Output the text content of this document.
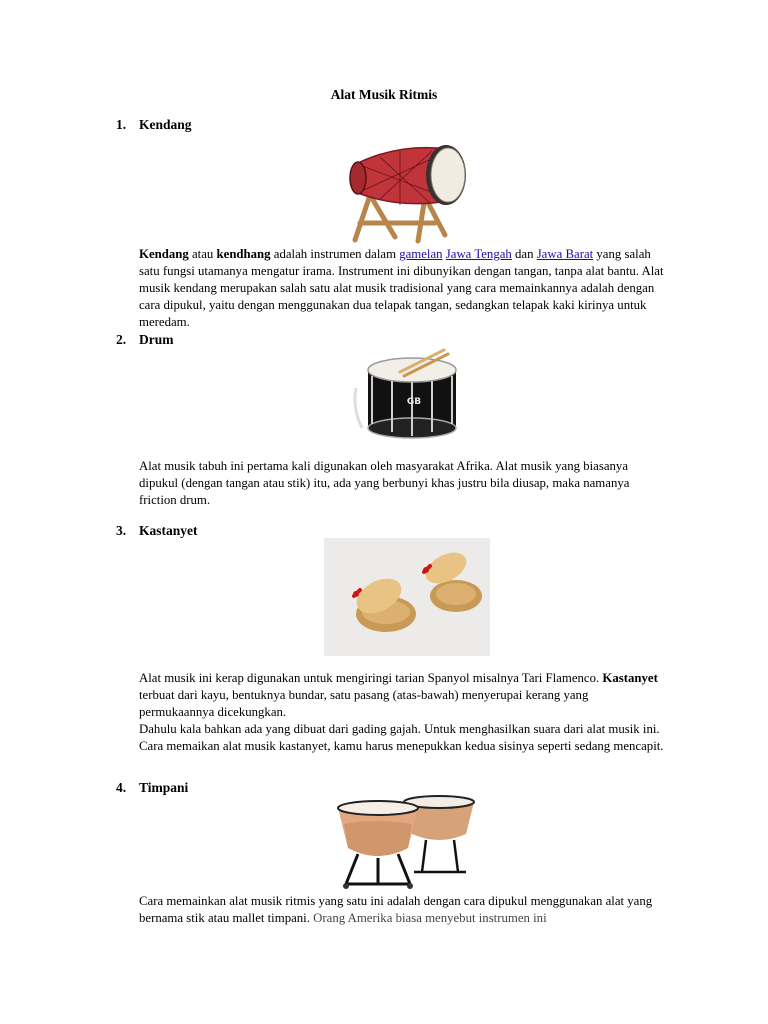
Alat Musik Ritmis
1. Kendang
Kendang atau kendhang adalah instrumen dalam gamelan Jawa Tengah dan Jawa Barat yang salah satu fungsi utamanya mengatur irama. Instrument ini dibunyikan dengan tangan, tanpa alat bantu. Alat musik kendang merupakan salah satu alat musik tradisional yang cara memainkannya adalah dengan cara dipukul, yaitu dengan menggunakan dua telapak tangan, sedangkan telapak kaki kirinya untuk meredam.
2. Drum
GB
Alat musik tabuh ini pertama kali digunakan oleh masyarakat Afrika. Alat musik yang biasanya dipukul (dengan tangan atau stik) itu, ada yang berbunyi khas justru bila diusap, maka namanya friction drum.
3. Kastanyet
Alat musik ini kerap digunakan untuk mengiringi tarian Spanyol misalnya Tari Flamenco. Kastanyet terbuat dari kayu, bentuknya bundar, satu pasang (atas-bawah) menyerupai kerang yang permukaannya dicekungkan.
Dahulu kala bahkan ada yang dibuat dari gading gajah. Untuk menghasilkan suara dari alat musik ini. Cara memaikan alat musik kastanyet, kamu harus menepukkan kedua sisinya seperti sedang mencapit.
4. Timpani
Cara memainkan alat musik ritmis yang satu ini adalah dengan cara dipukul menggunakan alat yang bernama stik atau mallet timpani. Orang Amerika biasa menyebut instrumen ini
